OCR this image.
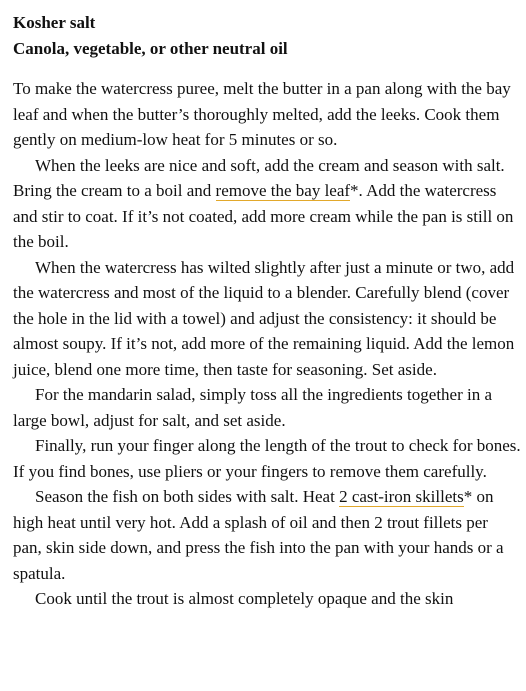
Kosher salt

Canola, vegetable, or other neutral oil

To make the watercress puree, melt the butter in a pan along with the bay leaf and when the butter’s thoroughly melted, add the leeks. Cook them gently on medium-low heat for 5 minutes or so.

When the leeks are nice and soft, add the cream and season with salt. Bring the cream to a boil and remove the bay leaf*. Add the watercress and stir to coat. If it’s not coated, add more cream while the pan is still on the boil.

When the watercress has wilted slightly after just a minute or two, add the watercress and most of the liquid to a blender. Carefully blend (cover the hole in the lid with a towel) and adjust the consistency: it should be almost soupy. If it’s not, add more of the remaining liquid. Add the lemon juice, blend one more time, then taste for seasoning. Set aside.

For the mandarin salad, simply toss all the ingredients together in a large bowl, adjust for salt, and set aside.

Finally, run your finger along the length of the trout to check for bones. If you find bones, use pliers or your fingers to remove them carefully.

Season the fish on both sides with salt. Heat 2 cast-iron skillets* on high heat until very hot. Add a splash of oil and then 2 trout fillets per pan, skin side down, and press the fish into the pan with your hands or a spatula.

Cook until the trout is almost completely opaque and the skin
